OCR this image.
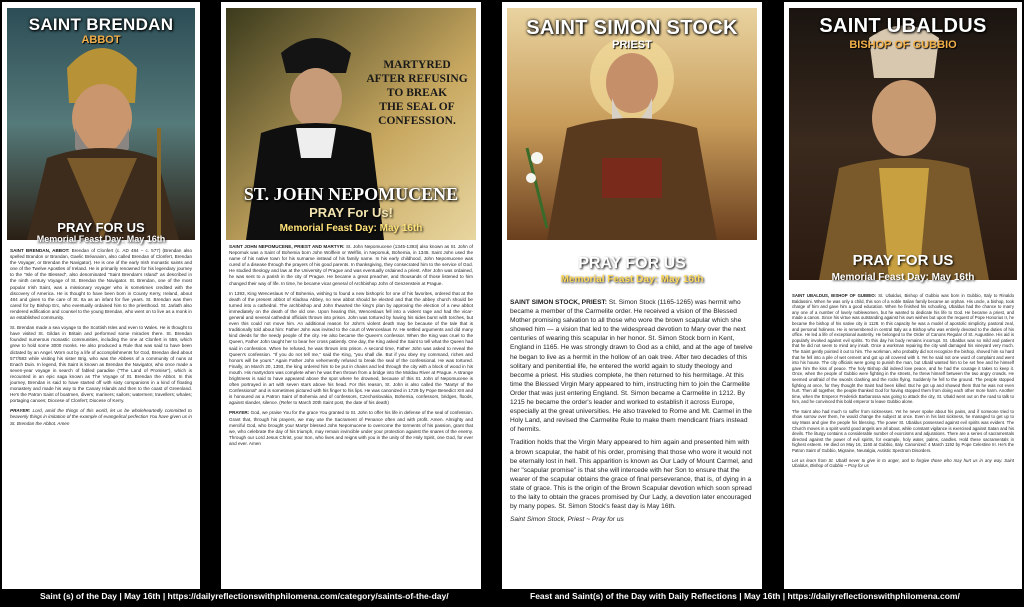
SAINT BRENDAN
ABBOT
PRAY FOR US
Memorial Feast Day: May 16th

SAINT BRENDAN, ABBOT: Brendan of Clonfert (c. AD 484 – c. 577) (Brendan also spelled Brandon or Brandan, Gaelic Bréanainn, also called Brendan of Clonfert, Brendan the Voyager, or Brendan the Navigator). He is one of the early Irish monastic saints and one of the Twelve Apostles of Ireland. He is primarily renowned for his legendary journey to the "Isle of the Blessed", also denominated "Saint Brendan's Island" as described in the ninth century Voyage of St. Brendan the Navigator. St. Brendan, one of the most popular Irish Saint, was a missionary voyager who is sometimes credited with the discovery of America. He is thought to have been born in County Kerry, Ireland, about 484 and given to the care of St. Ita as an infant for five years. St. Brendan was then cared for by Bishop Erc, who eventually ordained him to the priesthood. St. Jarlath also rendered edification and counsel to the young Brendan, who went on to live as a monk in an established community.

St. Brendan made a sea voyage to the Scottish Isles and even to Wales. He is thought to have visited St. Gildas in Britain and performed some miracles there. St. Brendan founded numerous monastic communities, including the one at Clonfert in 559, which grew to hold some 3000 monks. He also produced a Rule that was said to have been dictated by an Angel. Worn out by a life of accomplishments for God, Brendan died about 577/583 while visiting his sister Brig, who was the Abbess of a community of nuns at Enach Duin. In legend, this Saint is known as Brendan the Navigator, who once made a seven-year voyage in search of fabled paradise ("The Land of Promise"), which is recounted in an epic saga known as The Voyage of St. Brendan the Abbot. In this journey, Brendan is said to have started off with sixty companions in a kind of floating monastery and made his way to the Canary Islands and then to the coast of Greenland. He's the Patron Saint of boatmen, divers; mariners; sailors; watermen; travellers; whales; portaging canoes; Diocese of Clonfert; Diocese of Kerry.

PRAYER: Lord, amid the things of this world, let us be wholeheartedly committed to heavenly things in imitation of the example of evangelical perfection You have given us in St. Brendan the Abbot. Amen

MARTYRED
AFTER REFUSING
TO BREAK
THE SEAL OF
CONFESSION.
ST. JOHN NEPOMUCENE
PRAY For Us!
Memorial Feast Day: May 16th

SAINT JOHN NEPOMUCENE, PRIEST AND MARTYR: St. John Nepomucene (1345-1393) also known as St. John of Nepomuk was a Saint of Bohemia born John Wolflein or Welflin, in Nepomuk, Bohemia, in 1345. Saint John used the name of his native town for his surname instead of his family name. In his early childhood, John Nepomucene was cured of a disease through the prayers of his good parents. In thanksgiving, they consecrated him to the service of God. He studied theology and law at the University of Prague and was eventually ordained a priest. After John was ordained, he was sent to a parish in the city of Prague. He became a great preacher, and thousands of those listened to him changed their way of life. In time, he became vicar general of Archbishop John of Genzenstein at Prague.

In 1393, King Wenceslaus IV of Bohemia, wishing to found a new bishopric for one of his favorites, ordered that at the death of the present abbot of Kladrau Abbey, no new abbot should be elected and that the abbey church should be turned into a cathedral. The archbishop and John thwarted the king's plan by approving the election of a new abbot immediately on the death of the old one. Upon hearing this, Wenceslaus fell into a violent rage and had the vicar-general and several cathedral officials thrown into prison. John was tortured by having his sides burnt with torches, but even this could not move him. An additional reason for John's violent death may be because of the tale that is traditionally told about him: Father John was invited to the court of Wenceslaus IV. He settled arguments and did many kind deeds for the needy people of the city. He also became the Queen's confessor. When the King was cruel to the Queen, Father John taught her to bear her cross patiently. One day, the King asked the Saint to tell what the Queen had said in confession. When he refused, he was thrown into prison. A second time, Father John was asked to reveal the Queen's confession. "If you do not tell me," said the King, "you shall die. But if you obey my command, riches and honors will be yours." Again Father John vehemently refused to break the seal of the confessional. He was tortured. Finally, on March 20, 1393, the king ordered him to be put in chains and led through the city with a block of wood in his mouth. His martyrdom was complete when he was then thrown from a bridge into the Moldau River at Prague. A strange brightness is said to have appeared above the spot where he drowned, because of this St. John of Nepomucene is often portrayed in art with seven stars above his head. For this reason, St. John is also called the "Martyr of the Confessional" and is sometimes pictured with his finger to his lips. He was canonized in 1729 by Pope Benedict XIII and is honoured as a Patron Saint of Bohemia and of confessors, Czechoslovakia, Bohemia, confessors, bridges, floods, against slander, silence. (Refer to March 20th Saint post, the date of his death)

PRAYER: God, we praise You for the grace You granted to St. John to offer his life in defense of the seal of confession. Grant that, through his prayers, we may use the Sacrament of Penance often and with profit. Amen. Almighty and merciful God, who brought your Martyr blessed John Nepomucene to overcome the torments of his passion, grant that we, who celebrate the day of his triumph, may remain invincible under your protection against the snares of the enemy. Through our Lord Jesus Christ, your Son, who lives and reigns with you in the unity of the Holy Spirit, one God, for ever and ever. Amen

SAINT SIMON STOCK
PRIEST
PRAY FOR US
Memorial Feast Day: May 16th

SAINT SIMON STOCK, PRIEST: St. Simon Stock (1165-1265) was hermit who became a member of the Carmelite order. He received a vision of the Blessed Mother promising salvation to all those who wore the brown scapular which she showed him — a vision that led to the widespread devotion to Mary over the next centuries of wearing this scapular in her honor. St. Simon Stock born in Kent, England in 1165. He was strongly drawn to God as a child, and at the age of twelve he began to live as a hermit in the hollow of an oak tree. After two decades of this solitary and penitential life, he entered the world again to study theology and become a priest. His studies complete, he then returned to his hermitage. At this time the Blessed Virgin Mary appeared to him, instructing him to join the Carmelite Order that was just entering England. St. Simon became a Carmelite in 1212. By 1215 he became the order's leader and worked to establish it across Europe, especially at the great universities. He also traveled to Rome and Mt. Carmel in the Holy Land, and revised the Carmelite Rule to make them mendicant friars instead of hermits.

Tradition holds that the Virgin Mary appeared to him again and presented him with a brown scapular, the habit of his order, promising that those who wore it would not be eternally lost in hell. This apparition is known as Our Lady of Mount Carmel, and her "scapular promise" is that she will intercede with her Son to ensure that the wearer of the scapular obtains the grace of final perseverance, that is, of dying in a state of grace. This is the origin of the Brown Scapular devotion which soon spread to the laity to obtain the graces promised by Our Lady, a devotion later encouraged by many popes. St. Simon Stock's feast day is May 16th.

Saint Simon Stock, Priest ~ Pray for us

SAINT UBALDUS
BISHOP OF GUBBIO
PRAY FOR US
Memorial Feast Day: May 16th

SAINT UBALDUS, BISHOP OF GUBBIO: St. Ubaldus, Bishop of Gubbio was born in Gubbio, Italy to Rinaldo Baldassini. When he was only a child, this son of a noble Italian family became an orphan. His uncle, a bishop, took charge of him and gave him a good education. When he finished his schooling, Ubaldus had the chance to marry any one of a number of lovely noblewomen, but he wanted to dedicate his life to God. He became a priest, and made a canon. Since his virtue was outstanding against his own wishes but upon the request of Pope Honorius II, he became the bishop of his native city in 1128. In this capacity he was a model of apostolic simplicity, pastoral zeal, and personal holiness. He is remembered in central Italy as a Bishop who was entirely devoted to the duties of his office. He led a life of exceptional austerity. He belonged to the Order of Canons Regular of St. Augustine. His aid is popularly invoked against evil spirits. To this day his body remains incorrupt. St. Ubaldus was so mild and patient that he did not seem to mind any insult. Once a workman repairing the city wall damaged his vineyard very much. The Saint gently pointed it out to him. The workman, who probably did not recognize the bishop, shoved him so hard that he fell into a pile of wet cement and got up all covered with it. Yet he said not one word of complaint and went into his house. The city officials were going to punish the man, but Ubald wanted him to be set free and he himself gave him the kiss of peace. The holy Bishop did indeed love peace, and he had the courage it takes to keep it. Once, when the people of Gubbio were fighting in the streets, he threw himself between the two angry crowds. He seemed unafraid of the swords clashing and the rocks flying. Suddenly he fell to the ground. The people stopped fighting at once, for they thought the Saint had been killed. But he got up and showed them that he was not even hurt. Then all together, the people thanked God for having stopped them from doing each other more harm. Another time, when the Emperor Frederick Barbarossa was going to attack the city, St. Ubald went out on the road to talk to him, and he convinced this bold emperor to leave Gubbio alone.

The Saint also had much to suffer from sicknesses. Yet he never spoke about his pains, and if someone tried to show sorrow over them, he would change the subject at once. Even in his last sickness, he managed to get up to say Mass and give the people his blessing. The power St. Ubaldus possessed against evil spirits was evident. The Church moves in a spirit world good angels are all about, while constant vigilance is exercised against Satan and his devils. The liturgy contains a considerable number of exorcisms and adjurations. There are a series of sacramentals directed against the power of evil spirits, for example, holy water, palms, candles. Hold these sacramentals in highest esteem. He died on May 16, 1160 at Gubbio, Italy. Canonized: 4 March 1192 by Pope Celestine III. He's the Patron Saint of Gubbio, Migraine, Neuralgia, Autistic Spectrum Disorders.

Let us learn from St. Ubald never to give in to anger, and to forgive those who may hurt us in any way. Saint Ubaldus, Bishop of Gubbio ~ Pray for us

Saint (s) of the Day | May 16th | https://dailyreflectionswithphilomena.com/category/saints-of-the-day/	Feast and Saint(s) of the Day with Daily Reflections | May 16th | https://dailyreflectionswithphilomena.com/
